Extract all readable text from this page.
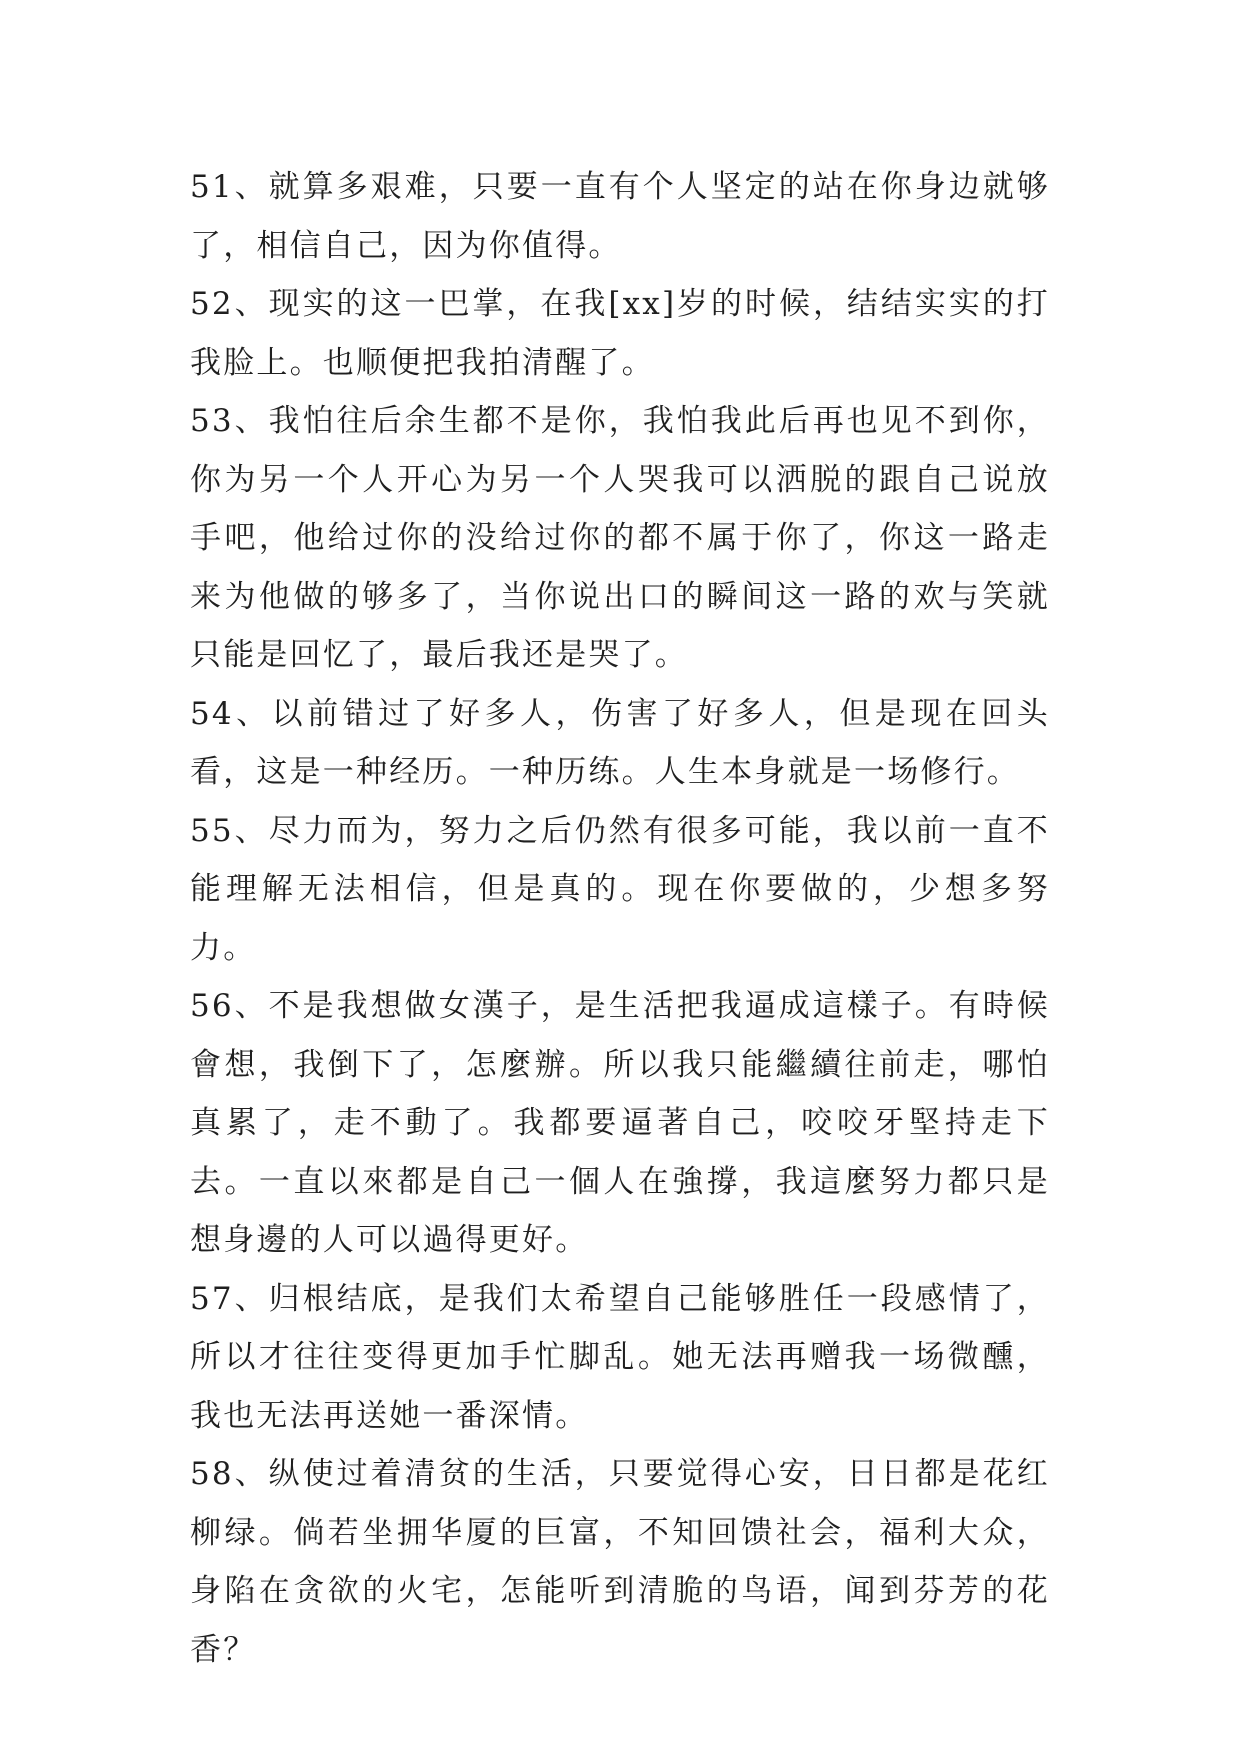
51、就算多艰难，只要一直有个人坚定的站在你身边就够了，相信自己，因为你值得。

52、现实的这一巴掌，在我[xx]岁的时候，结结实实的打我脸上。也顺便把我拍清醒了。

53、我怕往后余生都不是你，我怕我此后再也见不到你，你为另一个人开心为另一个人哭我可以洒脱的跟自己说放手吧，他给过你的没给过你的都不属于你了，你这一路走来为他做的够多了，当你说出口的瞬间这一路的欢与笑就只能是回忆了，最后我还是哭了。

54、以前错过了好多人，伤害了好多人，但是现在回头看，这是一种经历。一种历练。人生本身就是一场修行。

55、尽力而为，努力之后仍然有很多可能，我以前一直不能理解无法相信，但是真的。现在你要做的，少想多努力。

56、不是我想做女漢子，是生活把我逼成這樣子。有時候會想，我倒下了，怎麼辦。所以我只能繼續往前走，哪怕真累了，走不動了。我都要逼著自己，咬咬牙堅持走下去。一直以來都是自己一個人在強撐，我這麼努力都只是想身邊的人可以過得更好。

57、归根结底，是我们太希望自己能够胜任一段感情了，所以才往往变得更加手忙脚乱。她无法再赠我一场微醺，我也无法再送她一番深情。

58、纵使过着清贫的生活，只要觉得心安，日日都是花红柳绿。倘若坐拥华厦的巨富，不知回馈社会，福利大众，身陷在贪欲的火宅，怎能听到清脆的鸟语，闻到芬芳的花香？
